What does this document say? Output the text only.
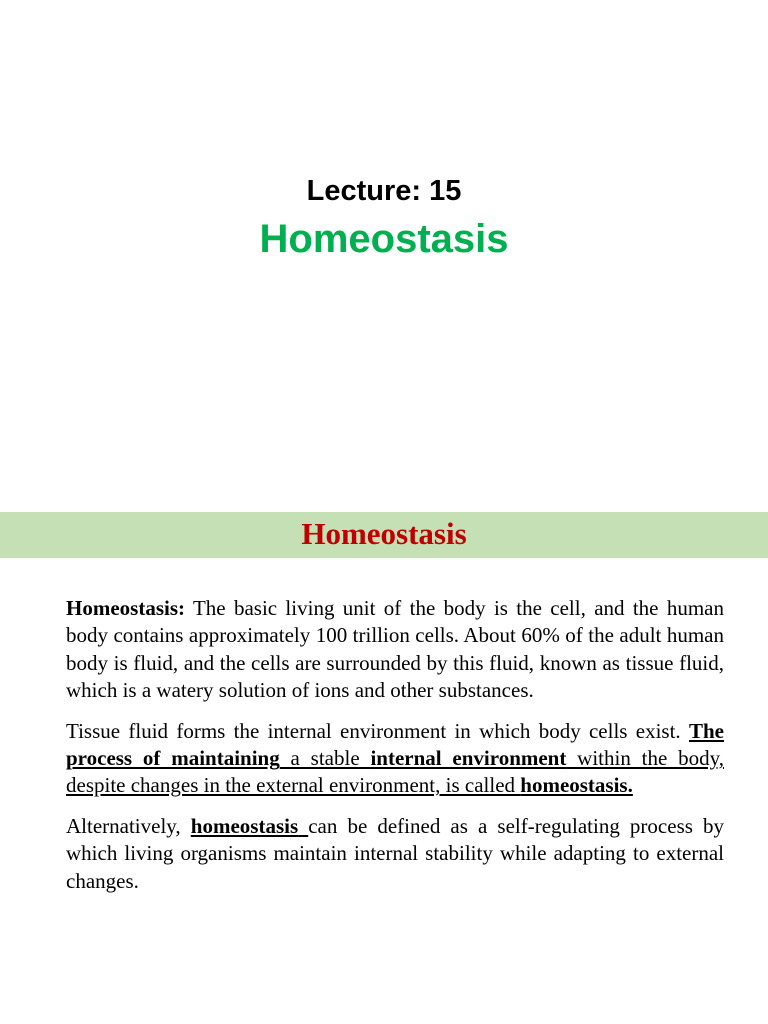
Lecture: 15
Homeostasis
Homeostasis

Homeostasis: The basic living unit of the body is the cell, and the human body contains approximately 100 trillion cells. About 60% of the adult human body is fluid, and the cells are surrounded by this fluid, known as tissue fluid, which is a watery solution of ions and other substances.

Tissue fluid forms the internal environment in which body cells exist. The process of maintaining a stable internal environment within the body, despite changes in the external environment, is called homeostasis.

Alternatively, homeostasis can be defined as a self-regulating process by which living organisms maintain internal stability while adapting to external changes.
